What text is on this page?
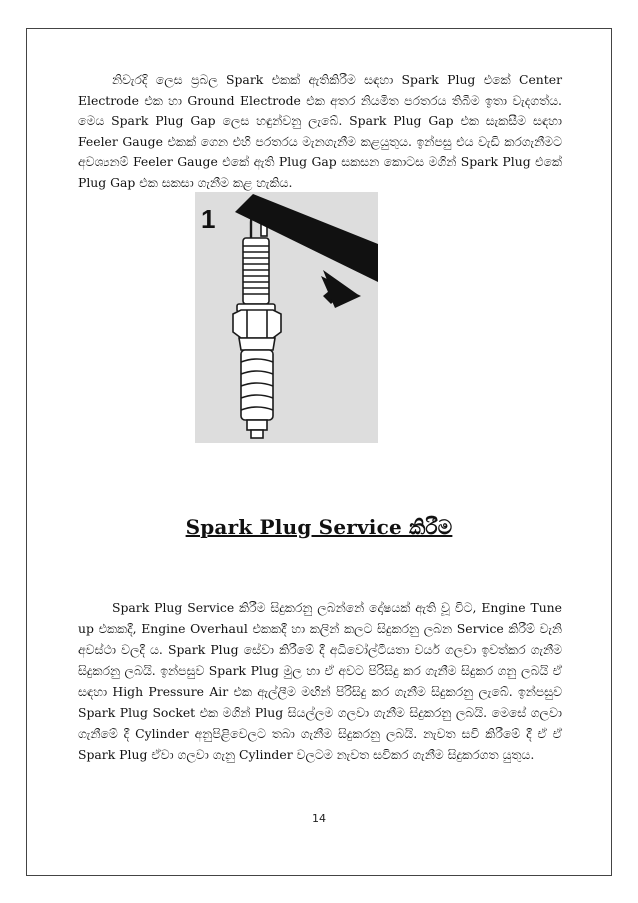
නිවැරදි ලෙස ප්‍රබල Spark එකක් ඇතිකිරීම සඳහා Spark Plug එකේ Center Electrode එක හා Ground Electrode එක අතර නියමිත පරතරය තිබීම ඉතා වැදගත්ය. මෙය Spark Plug Gap ලෙස හඳුන්වනු ලැබේ. Spark Plug Gap එක සැකසීම සඳහා Feeler Gauge එකක් ගෙන එහි පරතරය මැනගැනීම කළයුතුය. ඉන්පසු එය වැඩි කරගැනීමට අවශ්‍යනම් Feeler Gauge එකේ ඇති Plug Gap සකසන කොටස මගින් Spark Plug එකේ Plug Gap එක සකසා ගැනීම කළ හැකිය.

1
Spark Plug Service කිරීම

Spark Plug Service කිරීම සිදුකරනු ලබන්නේ දෝෂයක් ඇති වූ විට, Engine Tune up එකකදී, Engine Overhaul එකකදී හා කලින් කලට සිදුකරනු ලබන Service කිරීම් වැනි අවස්ථා වලදී ය. Spark Plug සේවා කිරීමේ දී අධිවෝල්ටීයතා වයර් ගලවා ඉවත්කර ගැනීම සිදුකරනු ලබයි. ඉන්පසුව Spark Plug මුල හා ඒ අවට පිරිසිදු කර ගැනීම සිදුකර ගනු ලබයි ඒ සඳහා High Pressure Air එක ඇල්ලීම මඟින් පිරිසිදු කර ගැනීම සිදුකරනු ලැබේ. ඉන්පසුව Spark Plug Socket එක මගින් Plug සියල්ලම ගලවා ගැනීම සිදුකරනු ලබයි. මෙසේ ගලවා ගැනීමේ දී Cylinder අනුපිළිවෙලට තබා ගැනීම සිදුකරනු ලබයි. නැවත සවි කිරීමේ දී ඒ ඒ Spark Plug ඒවා ගලවා ගැනු Cylinder වලටම නැවත සවිකර ගැනීම සිදුකරගත යුතුය.

14
